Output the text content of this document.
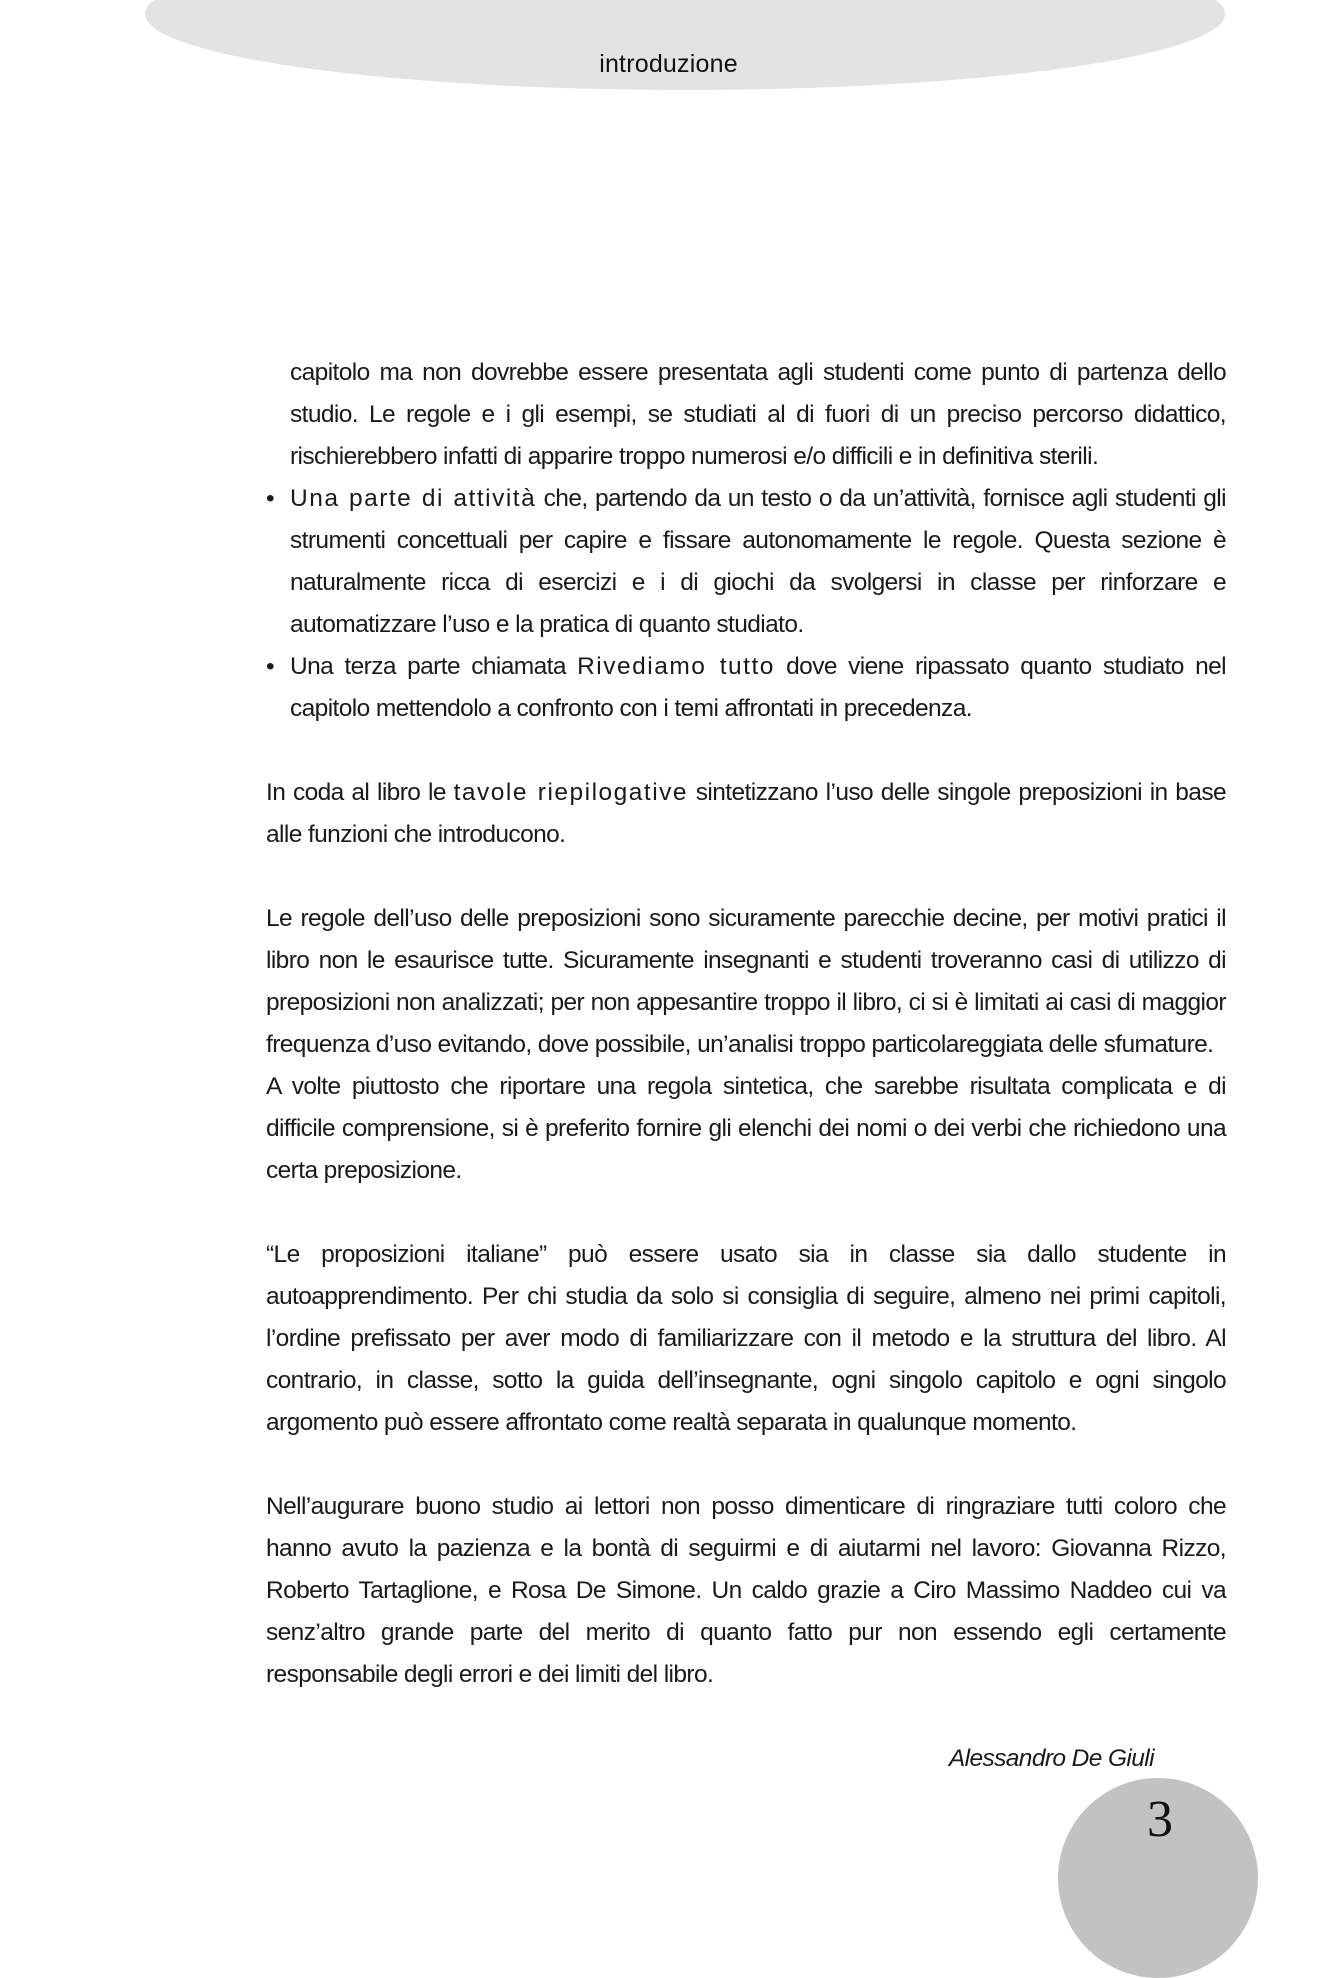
introduzione

capitolo ma non dovrebbe essere presentata agli studenti come punto di partenza dello studio. Le regole e i gli esempi, se studiati al di fuori di un preciso percorso didattico, rischierebbero infatti di apparire troppo numerosi e/o difficili e in definitiva sterili.

• Una parte di attività che, partendo da un testo o da un’attività, fornisce agli studenti gli strumenti concettuali per capire e fissare autonomamente le regole. Questa sezione è naturalmente ricca di esercizi e i di giochi da svolgersi in classe per rinforzare e automatizzare l’uso e la pratica di quanto studiato.
• Una terza parte chiamata Rivediamo tutto dove viene ripassato quanto studiato nel capitolo mettendolo a confronto con i temi affrontati in precedenza.

In coda al libro le tavole riepilogative sintetizzano l’uso delle singole preposizioni in base alle funzioni che introducono.

Le regole dell’uso delle preposizioni sono sicuramente parecchie decine, per motivi pratici il libro non le esaurisce tutte. Sicuramente insegnanti e studenti troveranno casi di utilizzo di preposizioni non analizzati; per non appesantire troppo il libro, ci si è limitati ai casi di maggior frequenza d’uso evitando, dove possibile, un’analisi troppo particolareggiata delle sfumature.

A volte piuttosto che riportare una regola sintetica, che sarebbe risultata complicata e di difficile comprensione, si è preferito fornire gli elenchi dei nomi o dei verbi che richiedono una certa preposizione.

“Le proposizioni italiane” può essere usato sia in classe sia dallo studente in autoapprendimento. Per chi studia da solo si consiglia di seguire, almeno nei primi capitoli, l’ordine prefissato per aver modo di familiarizzare con il metodo e la struttura del libro. Al contrario, in classe, sotto la guida dell’insegnante, ogni singolo capitolo e ogni singolo argomento può essere affrontato come realtà separata in qualunque momento.

Nell’augurare buono studio ai lettori non posso dimenticare di ringraziare tutti coloro che hanno avuto la pazienza e la bontà di seguirmi e di aiutarmi nel lavoro: Giovanna Rizzo, Roberto Tartaglione, e Rosa De Simone. Un caldo grazie a Ciro Massimo Naddeo cui va senz’altro grande parte del merito di quanto fatto pur non essendo egli certamente responsabile degli errori e dei limiti del libro.

Alessandro De Giuli

3
